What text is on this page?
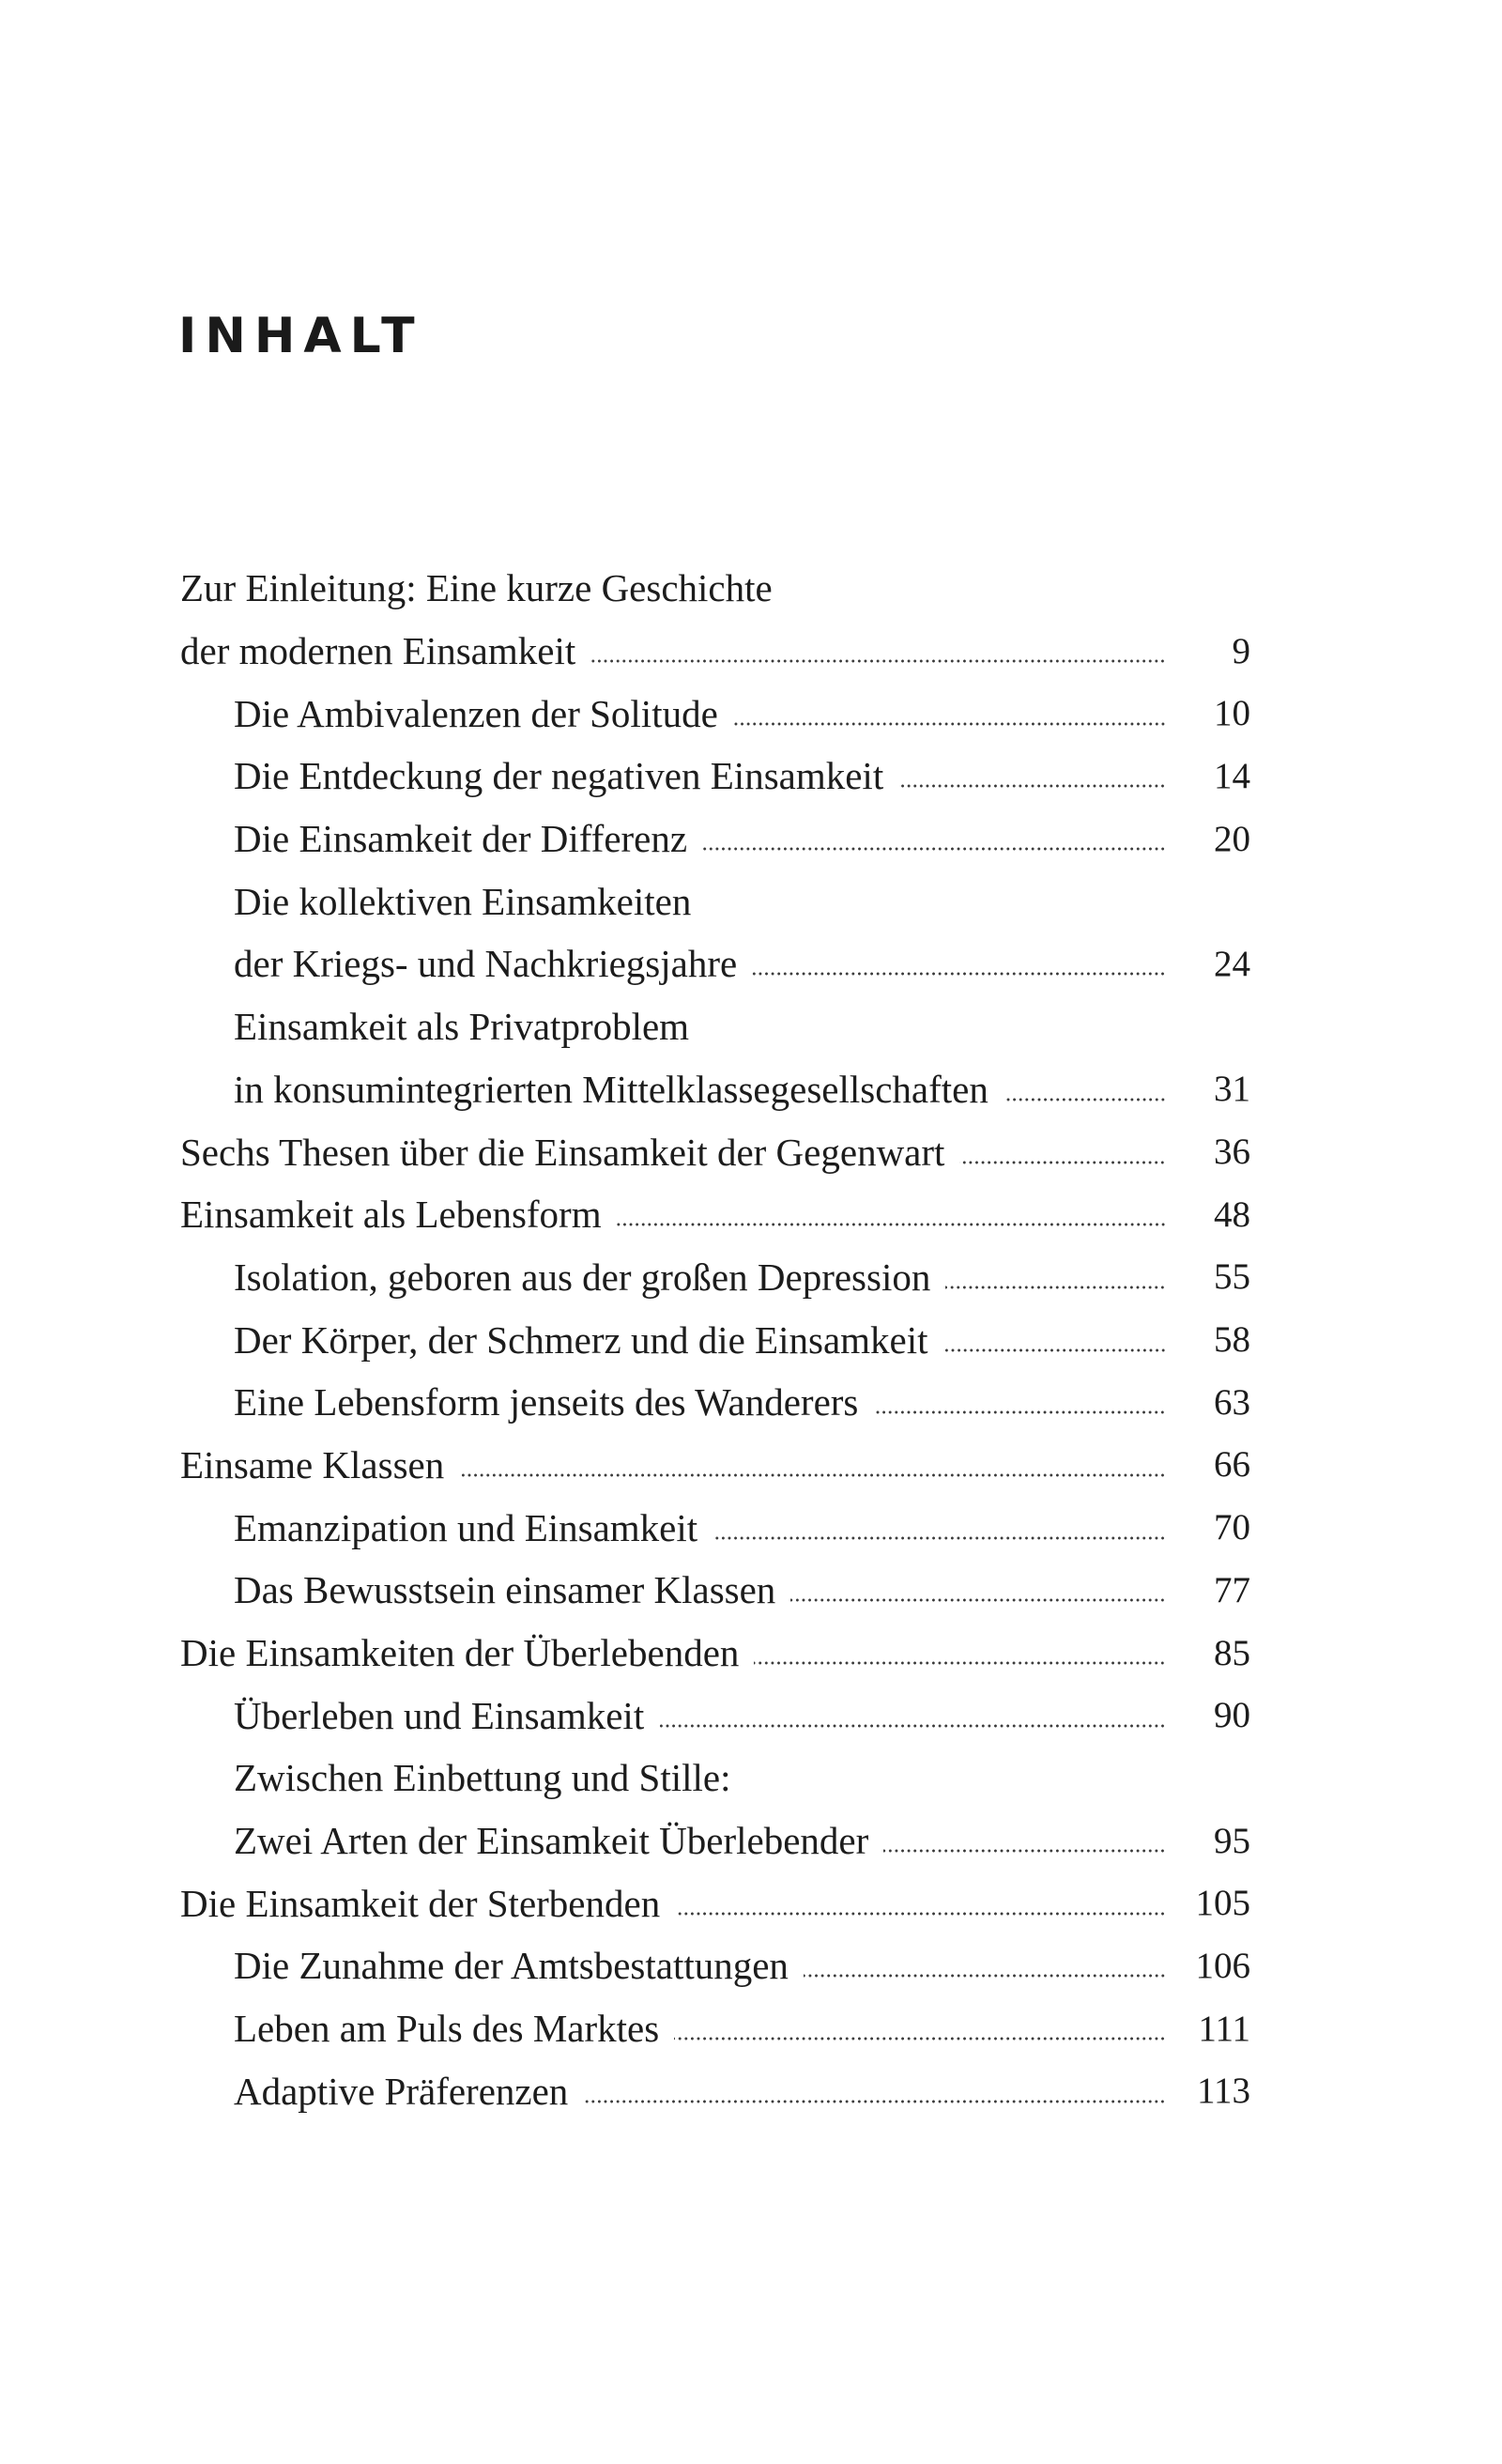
INHALT
Zur Einleitung: Eine kurze Geschichte
der modernen Einsamkeit	9
Die Ambivalenzen der Solitude	10
Die Entdeckung der negativen Einsamkeit	14
Die Einsamkeit der Differenz	20
Die kollektiven Einsamkeiten
der Kriegs- und Nachkriegsjahre	24
Einsamkeit als Privatproblem
in konsumintegrierten Mittelklassegesellschaften	31
Sechs Thesen über die Einsamkeit der Gegenwart	36
Einsamkeit als Lebensform	48
Isolation, geboren aus der großen Depression	55
Der Körper, der Schmerz und die Einsamkeit	58
Eine Lebensform jenseits des Wanderers	63
Einsame Klassen	66
Emanzipation und Einsamkeit	70
Das Bewusstsein einsamer Klassen	77
Die Einsamkeiten der Überlebenden	85
Überleben und Einsamkeit	90
Zwischen Einbettung und Stille:
Zwei Arten der Einsamkeit Überlebender	95
Die Einsamkeit der Sterbenden	105
Die Zunahme der Amtsbestattungen	106
Leben am Puls des Marktes	111
Adaptive Präferenzen	113
